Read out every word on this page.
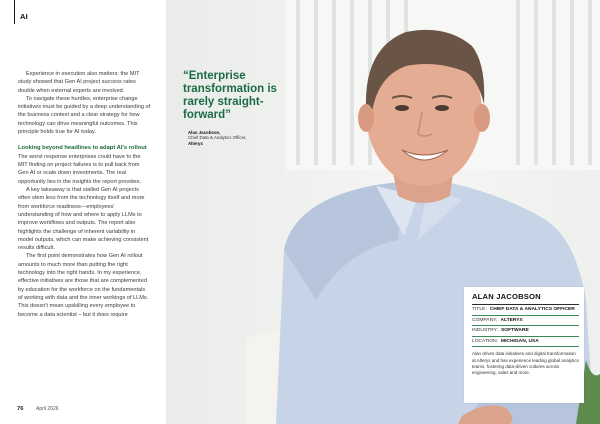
AI

Experience in execution also matters: the MIT study showed that Gen AI project success rates double when external experts are involved.

To navigate these hurdles, enterprise change initiatives must be guided by a deep understanding of the business context and a clear strategy for how technology can drive meaningful outcomes. This principle holds true for AI today.

Looking beyond headlines to adapt AI's rollout

The worst response enterprises could have to the MIT finding on project failures is to pull back from Gen AI or scale down investments. The real opportunity lies in the insights the report provides.

A key takeaway is that stalled Gen AI projects often stem less from the technology itself and more from workforce readiness—employees' understanding of how and where to apply LLMs to improve workflows and outputs. The report also highlights the challenge of inherent variability in model outputs, which can make achieving consistent results difficult.

The first point demonstrates how Gen AI rollout amounts to much more than putting the right technology into the right hands. In my experience, effective initiatives are those that are complemented by education for the workforce on the fundamentals of working with data and the inner workings of LLMs. This doesn't mean upskilling every employee to become a data scientist – but it does require

76	April 2026
“Enterprise transformation is rarely straight-forward”
Alan Jacobson,
Chief Data & Analytics Officer,
Alteryx
ALAN JACOBSON
TITLE: CHIEF DATA & ANALYTICS OFFICER
COMPANY: ALTERYX
INDUSTRY: SOFTWARE
LOCATION: MICHIGAN, USA
Alan drives data initiatives and digital transformation at Alteryx and has experience leading global analytics teams, fostering data-driven cultures across engineering, sales and more.
